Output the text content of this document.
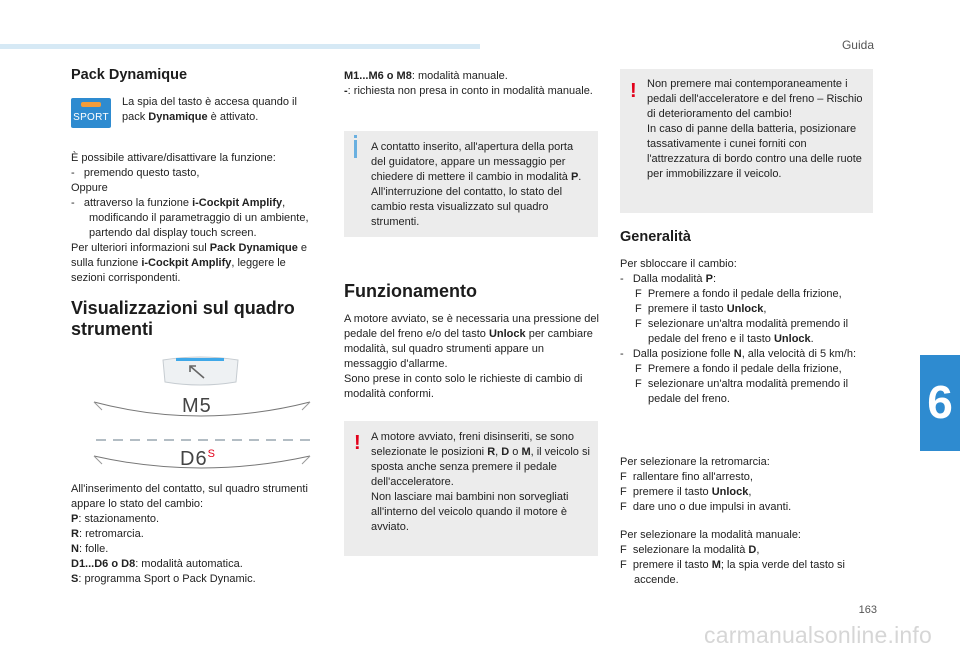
Guida
Pack Dynamique
SPORT

La spia del tasto è accesa quando il pack Dynamique è attivato.

È possibile attivare/disattivare la funzione:

-   premendo questo tasto,

Oppure

-   attraverso la funzione i-Cockpit Amplify, modificando il parametraggio di un ambiente, partendo dal display touch screen.

Per ulteriori informazioni sul Pack Dynamique e sulla funzione i-Cockpit Amplify, leggere le sezioni corrispondenti.

Visualizzazioni sul quadro strumenti
M5
$D6^S$

All'inserimento del contatto, sul quadro strumenti appare lo stato del cambio:

P: stazionamento.

R: retromarcia.

N: folle.

D1...D6 o D8: modalità automatica.

S: programma Sport o Pack Dynamic.

M1...M6 o M8: modalità manuale.

-: richiesta non presa in conto in modalità manuale.

A contatto inserito, all'apertura della porta del guidatore, appare un messaggio per chiedere di mettere il cambio in modalità P.

All'interruzione del contatto, lo stato del cambio resta visualizzato sul quadro strumenti.

Funzionamento

A motore avviato, se è necessaria una pressione del pedale del freno e/o del tasto Unlock per cambiare modalità, sul quadro strumenti appare un messaggio d'allarme.

Sono prese in conto solo le richieste di cambio di modalità conformi.

! A motore avviato, freni disinseriti, se sono selezionate le posizioni R, D o M, il veicolo si sposta anche senza premere il pedale dell'acceleratore.

Non lasciare mai bambini non sorvegliati all'interno del veicolo quando il motore è avviato.

! Non premere mai contemporaneamente i pedali dell'acceleratore e del freno – Rischio di deterioramento del cambio!

In caso di panne della batteria, posizionare tassativamente i cunei forniti con l'attrezzatura di bordo contro una delle ruote per immobilizzare il veicolo.

Generalità

Per sbloccare il cambio:

-   Dalla modalità P:

F  Premere a fondo il pedale della frizione,

F  premere il tasto Unlock,

F  selezionare un'altra modalità premendo il pedale del freno e il tasto Unlock.

-   Dalla posizione folle N, alla velocità di 5 km/h:

F  Premere a fondo il pedale della frizione,

F  selezionare un'altra modalità premendo il pedale del freno.

Per selezionare la retromarcia:

F  rallentare fino all'arresto,

F  premere il tasto Unlock,

F  dare uno o due impulsi in avanti.

Per selezionare la modalità manuale:

F  selezionare la modalità D,

F  premere il tasto M; la spia verde del tasto si accende.

6
163
carmanualsonline.info
